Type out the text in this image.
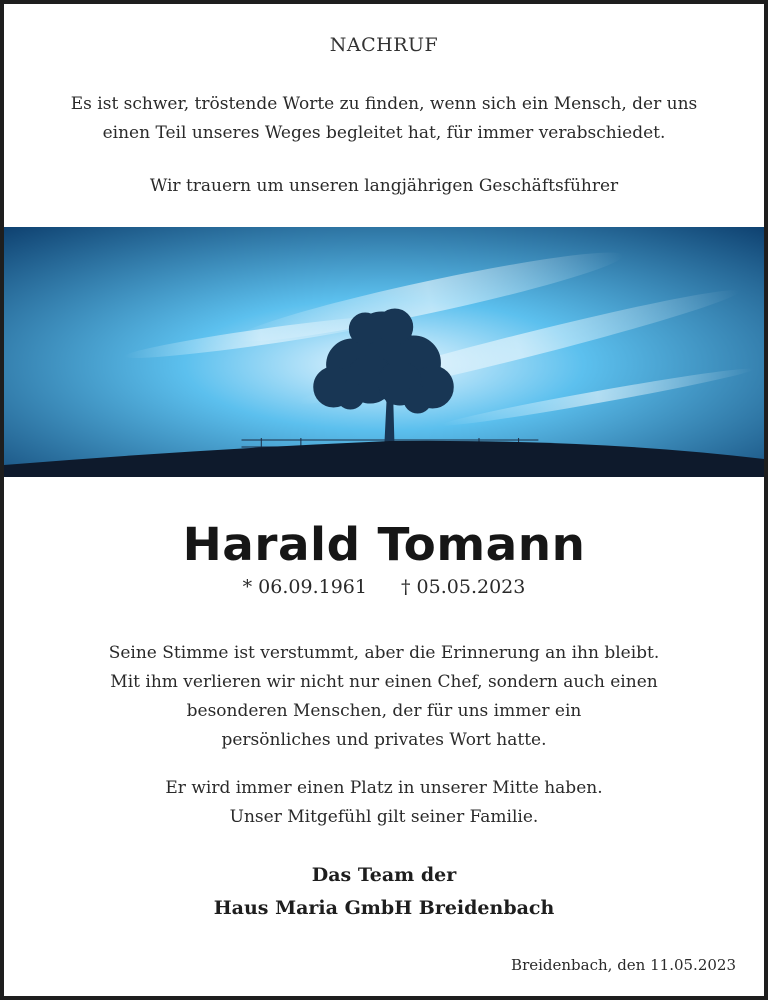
NACHRUF

Es ist schwer, tröstende Worte zu finden, wenn sich ein Mensch, der uns
einen Teil unseres Weges begleitet hat, für immer verabschiedet.

Wir trauern um unseren langjährigen Geschäftsführer

Harald Tomann

* 06.09.1961 † 05.05.2023
Seine Stimme ist verstummt, aber die Erinnerung an ihn bleibt.
Mit ihm verlieren wir nicht nur einen Chef, sondern auch einen
besonderen Menschen, der für uns immer ein
persönliches und privates Wort hatte.
Er wird immer einen Platz in unserer Mitte haben.
Unser Mitgefühl gilt seiner Familie.
Das Team der
Haus Maria GmbH Breidenbach

Breidenbach, den 11.05.2023
